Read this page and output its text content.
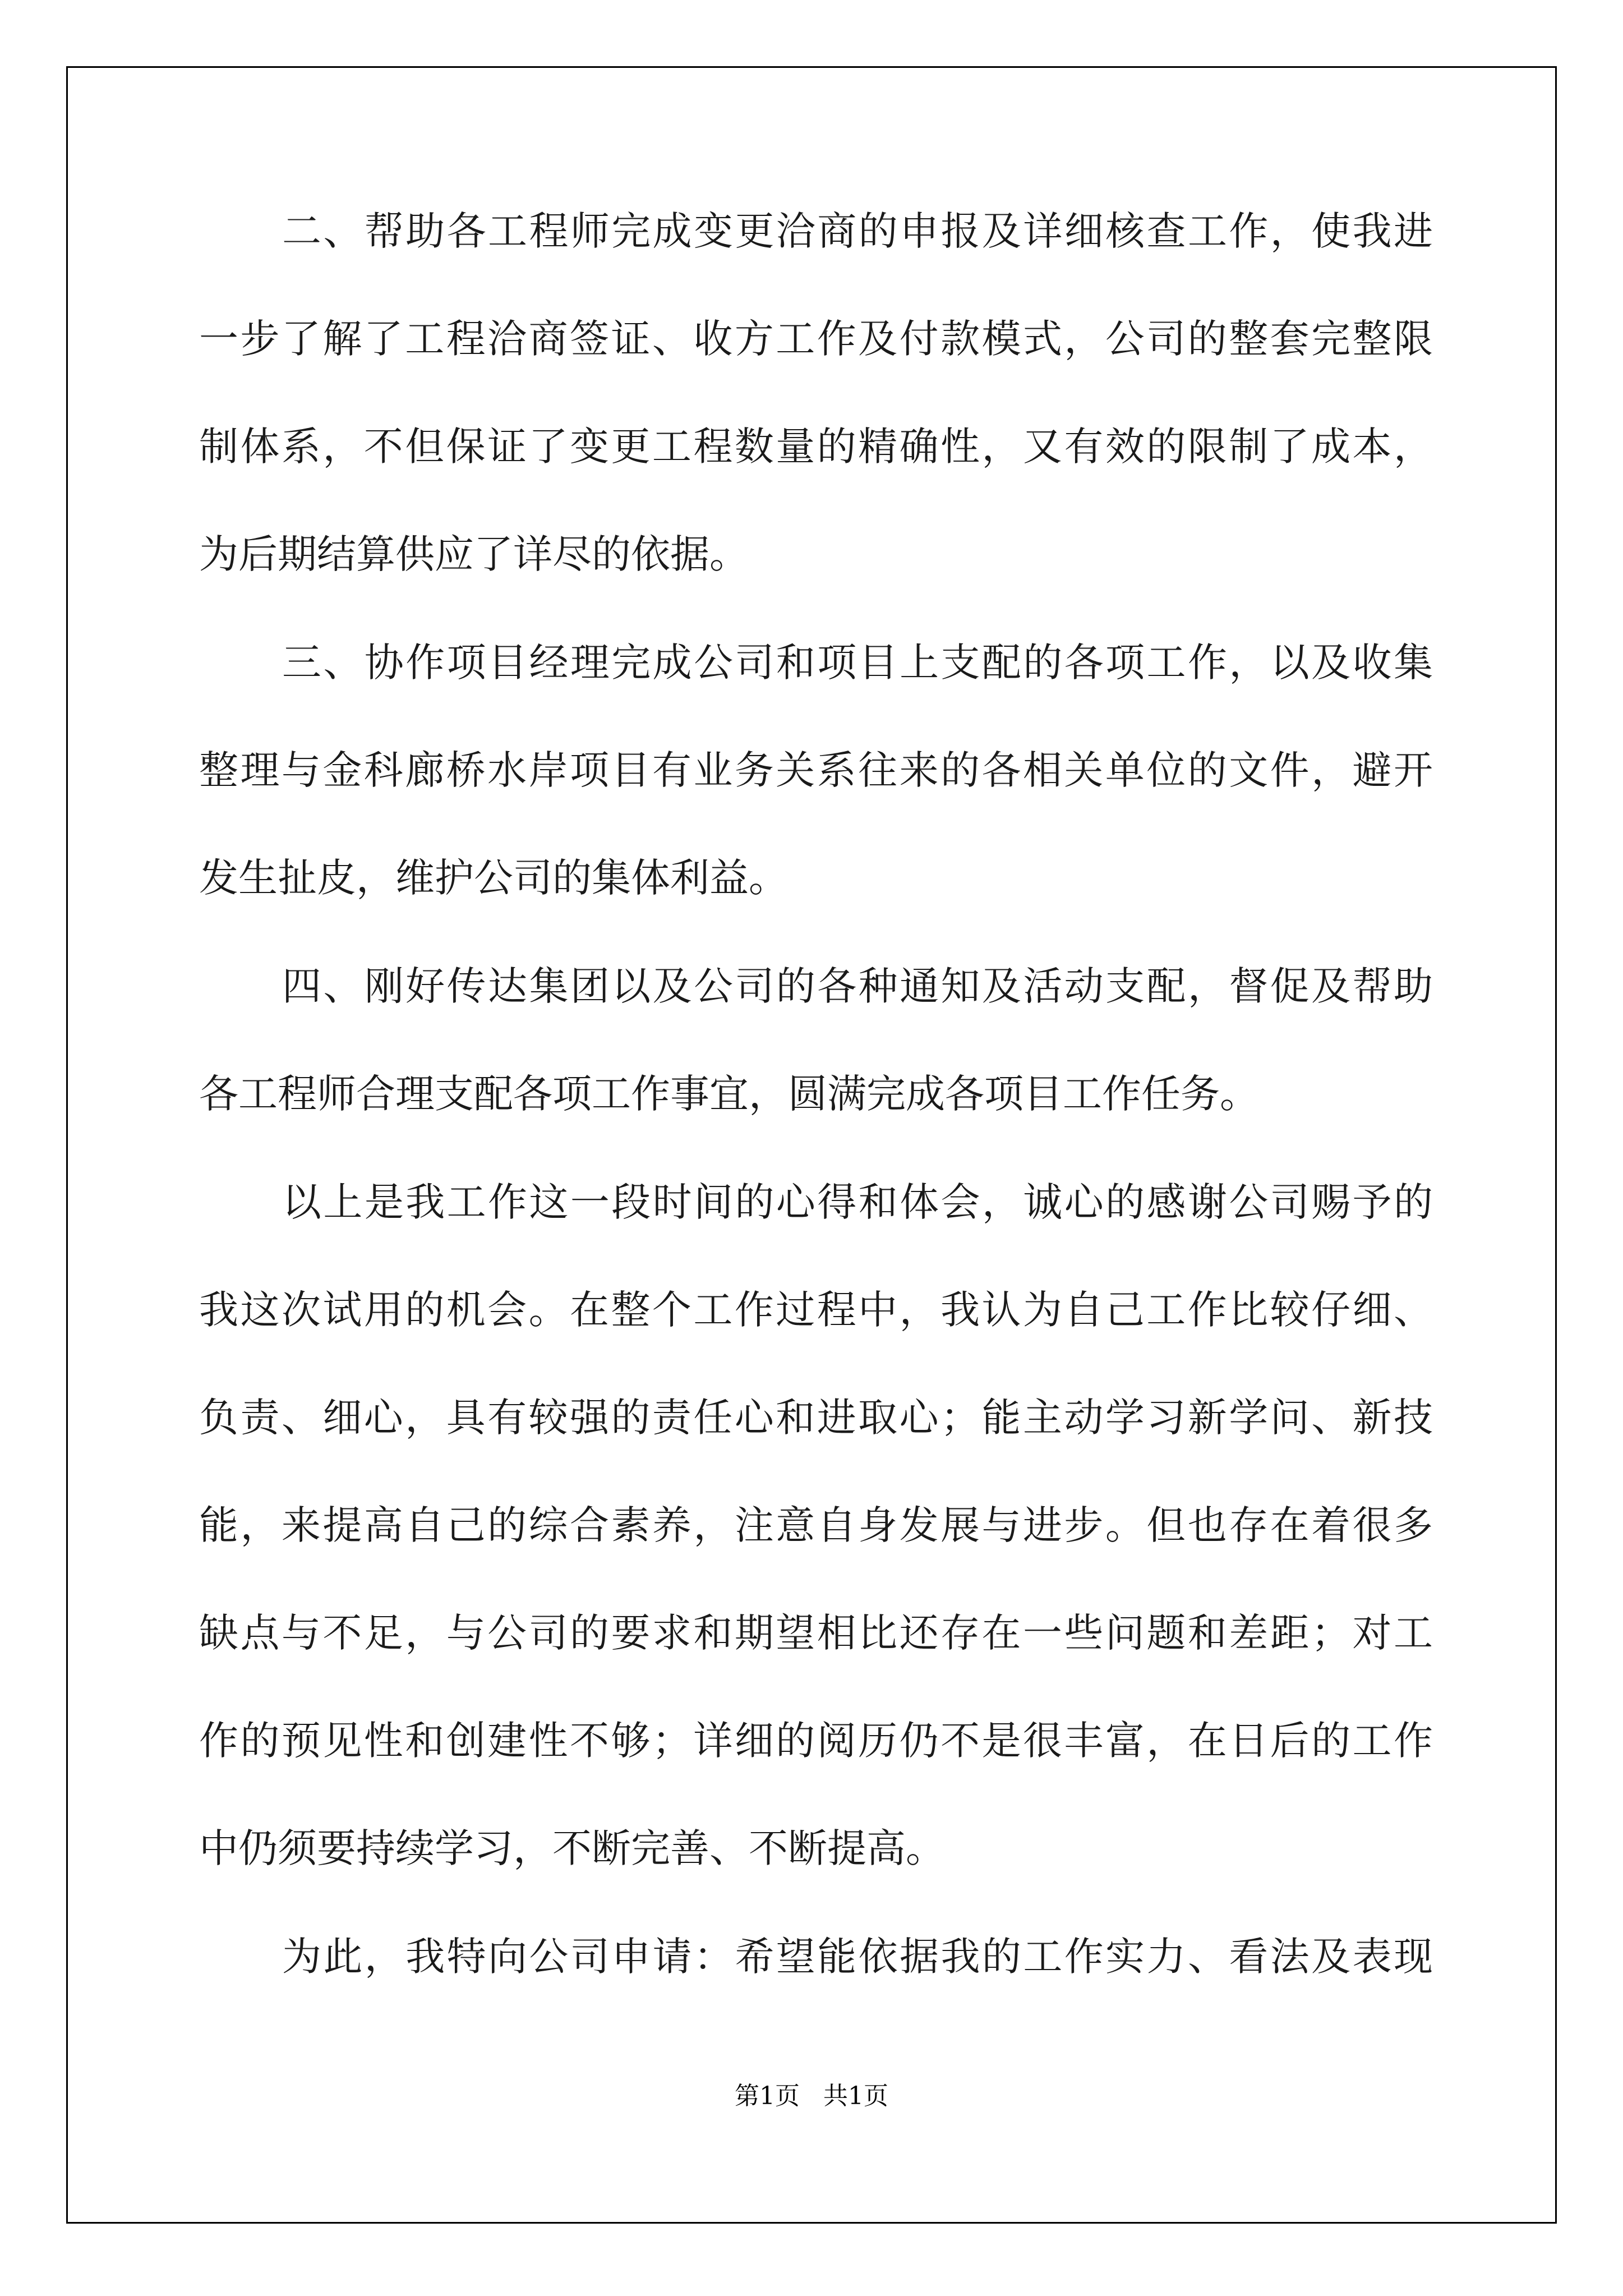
二、帮助各工程师完成变更洽商的申报及详细核查工作，使我进
一步了解了工程洽商签证、收方工作及付款模式，公司的整套完整限
制体系，不但保证了变更工程数量的精确性，又有效的限制了成本，
为后期结算供应了详尽的依据。
三、协作项目经理完成公司和项目上支配的各项工作，以及收集
整理与金科廊桥水岸项目有业务关系往来的各相关单位的文件，避开
发生扯皮，维护公司的集体利益。
四、刚好传达集团以及公司的各种通知及活动支配，督促及帮助
各工程师合理支配各项工作事宜，圆满完成各项目工作任务。
以上是我工作这一段时间的心得和体会，诚心的感谢公司赐予的
我这次试用的机会。在整个工作过程中，我认为自己工作比较仔细、
负责、细心，具有较强的责任心和进取心；能主动学习新学问、新技
能，来提高自己的综合素养，注意自身发展与进步。但也存在着很多
缺点与不足，与公司的要求和期望相比还存在一些问题和差距；对工
作的预见性和创建性不够；详细的阅历仍不是很丰富，在日后的工作
中仍须要持续学习，不断完善、不断提高。
为此，我特向公司申请：希望能依据我的工作实力、看法及表现
第1页 共1页
